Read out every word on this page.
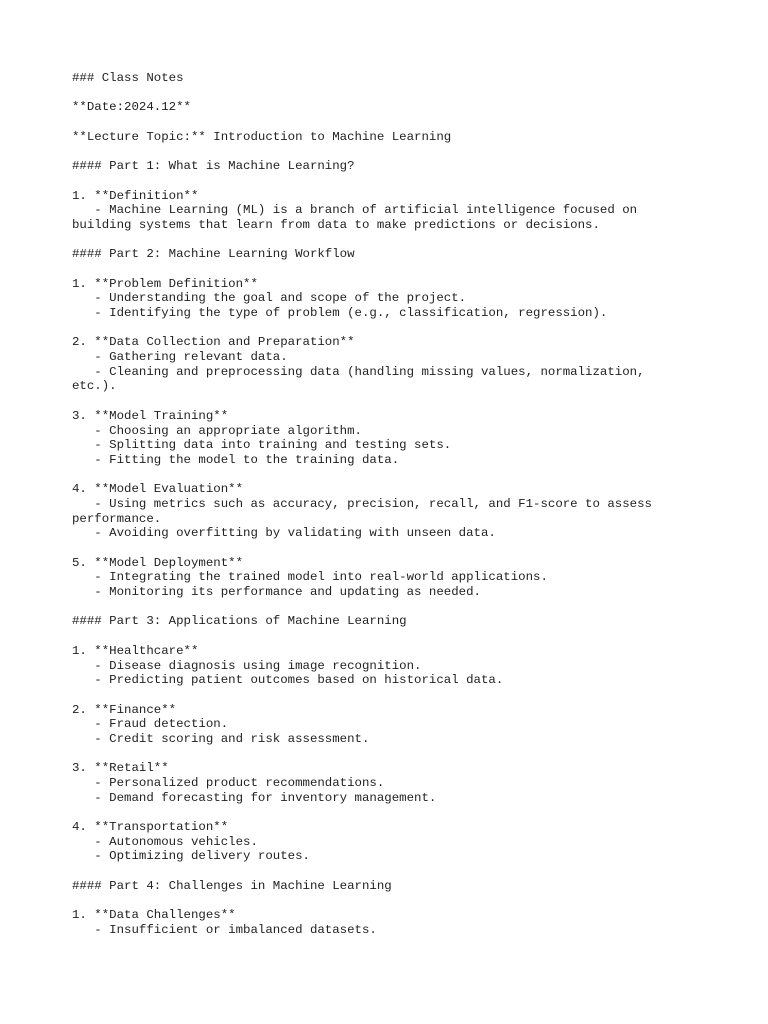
### Class Notes
**Date:2024.12**
**Lecture Topic:** Introduction to Machine Learning
#### Part 1: What is Machine Learning?
1. **Definition**
- Machine Learning (ML) is a branch of artificial intelligence focused on
building systems that learn from data to make predictions or decisions.
#### Part 2: Machine Learning Workflow
1. **Problem Definition**
- Understanding the goal and scope of the project.
- Identifying the type of problem (e.g., classification, regression).
2. **Data Collection and Preparation**
- Gathering relevant data.
- Cleaning and preprocessing data (handling missing values, normalization,
etc.).
3. **Model Training**
- Choosing an appropriate algorithm.
- Splitting data into training and testing sets.
- Fitting the model to the training data.
4. **Model Evaluation**
- Using metrics such as accuracy, precision, recall, and F1-score to assess
performance.
- Avoiding overfitting by validating with unseen data.
5. **Model Deployment**
- Integrating the trained model into real-world applications.
- Monitoring its performance and updating as needed.
#### Part 3: Applications of Machine Learning
1. **Healthcare**
- Disease diagnosis using image recognition.
- Predicting patient outcomes based on historical data.
2. **Finance**
- Fraud detection.
- Credit scoring and risk assessment.
3. **Retail**
- Personalized product recommendations.
- Demand forecasting for inventory management.
4. **Transportation**
- Autonomous vehicles.
- Optimizing delivery routes.
#### Part 4: Challenges in Machine Learning
1. **Data Challenges**
- Insufficient or imbalanced datasets.
